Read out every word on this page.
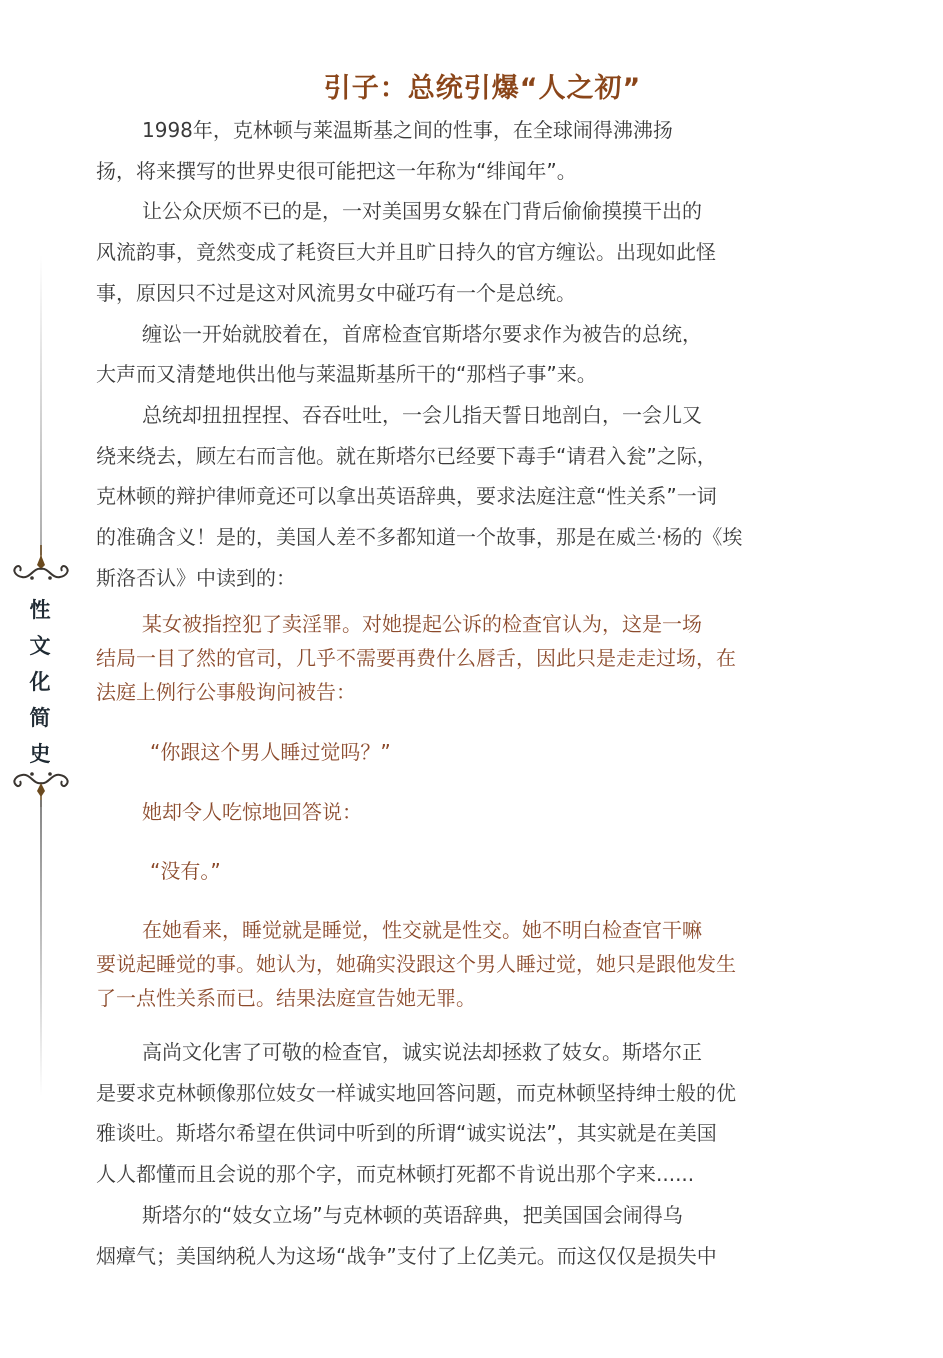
性
文
化
简
史
引子：总统引爆“人之初”
1998年，克林顿与莱温斯基之间的性事，在全球闹得沸沸扬
扬，将来撰写的世界史很可能把这一年称为“绯闻年”。
让公众厌烦不已的是，一对美国男女躲在门背后偷偷摸摸干出的
风流韵事，竟然变成了耗资巨大并且旷日持久的官方缠讼。出现如此怪
事，原因只不过是这对风流男女中碰巧有一个是总统。
缠讼一开始就胶着在，首席检查官斯塔尔要求作为被告的总统，
大声而又清楚地供出他与莱温斯基所干的“那档子事”来。
总统却扭扭捏捏、吞吞吐吐，一会儿指天誓日地剖白，一会儿又
绕来绕去，顾左右而言他。就在斯塔尔已经要下毒手“请君入瓮”之际，
克林顿的辩护律师竟还可以拿出英语辞典，要求法庭注意“性关系”一词
的准确含义！是的，美国人差不多都知道一个故事，那是在威兰·杨的《埃
斯洛否认》中读到的：
某女被指控犯了卖淫罪。对她提起公诉的检查官认为，这是一场
结局一目了然的官司，几乎不需要再费什么唇舌，因此只是走走过场，在
法庭上例行公事般询问被告：
“你跟这个男人睡过觉吗？”
她却令人吃惊地回答说：
“没有。”
在她看来，睡觉就是睡觉，性交就是性交。她不明白检查官干嘛
要说起睡觉的事。她认为，她确实没跟这个男人睡过觉，她只是跟他发生
了一点性关系而已。结果法庭宣告她无罪。
高尚文化害了可敬的检查官，诚实说法却拯救了妓女。斯塔尔正
是要求克林顿像那位妓女一样诚实地回答问题，而克林顿坚持绅士般的优
雅谈吐。斯塔尔希望在供词中听到的所谓“诚实说法”，其实就是在美国
人人都懂而且会说的那个字，而克林顿打死都不肯说出那个字来......
斯塔尔的“妓女立场”与克林顿的英语辞典，把美国国会闹得乌
烟瘴气；美国纳税人为这场“战争”支付了上亿美元。而这仅仅是损失中
